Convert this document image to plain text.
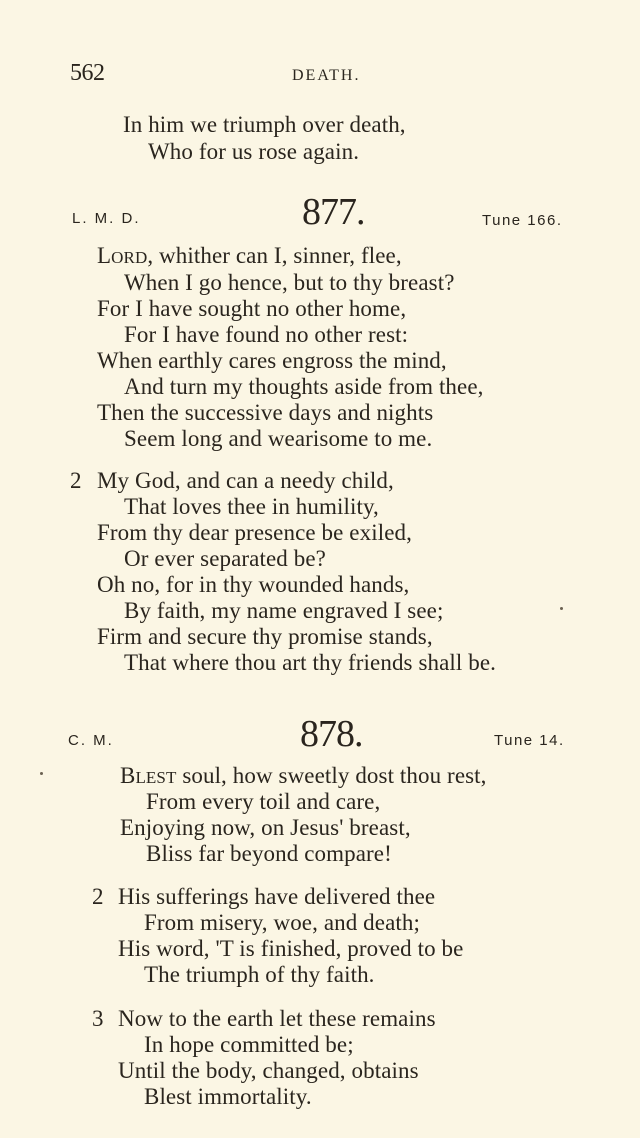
562	DEATH.
In him we triumph over death,
Who for us rose again.
L. M. D.	877.	Tune 166.
LORD, whither can I, sinner, flee,
When I go hence, but to thy breast?
For I have sought no other home,
For I have found no other rest:
When earthly cares engross the mind,
And turn my thoughts aside from thee,
Then the successive days and nights
Seem long and wearisome to me.
2 My God, and can a needy child,
That loves thee in humility,
From thy dear presence be exiled,
Or ever separated be?
Oh no, for in thy wounded hands,
By faith, my name engraved I see;
Firm and secure thy promise stands,
That where thou art thy friends shall be.
C. M.	878.	Tune 14.
BLEST soul, how sweetly dost thou rest,
From every toil and care,
Enjoying now, on Jesus' breast,
Bliss far beyond compare!
2 His sufferings have delivered thee
From misery, woe, and death;
His word, 'T is finished, proved to be
The triumph of thy faith.
3 Now to the earth let these remains
In hope committed be;
Until the body, changed, obtains
Blest immortality.
